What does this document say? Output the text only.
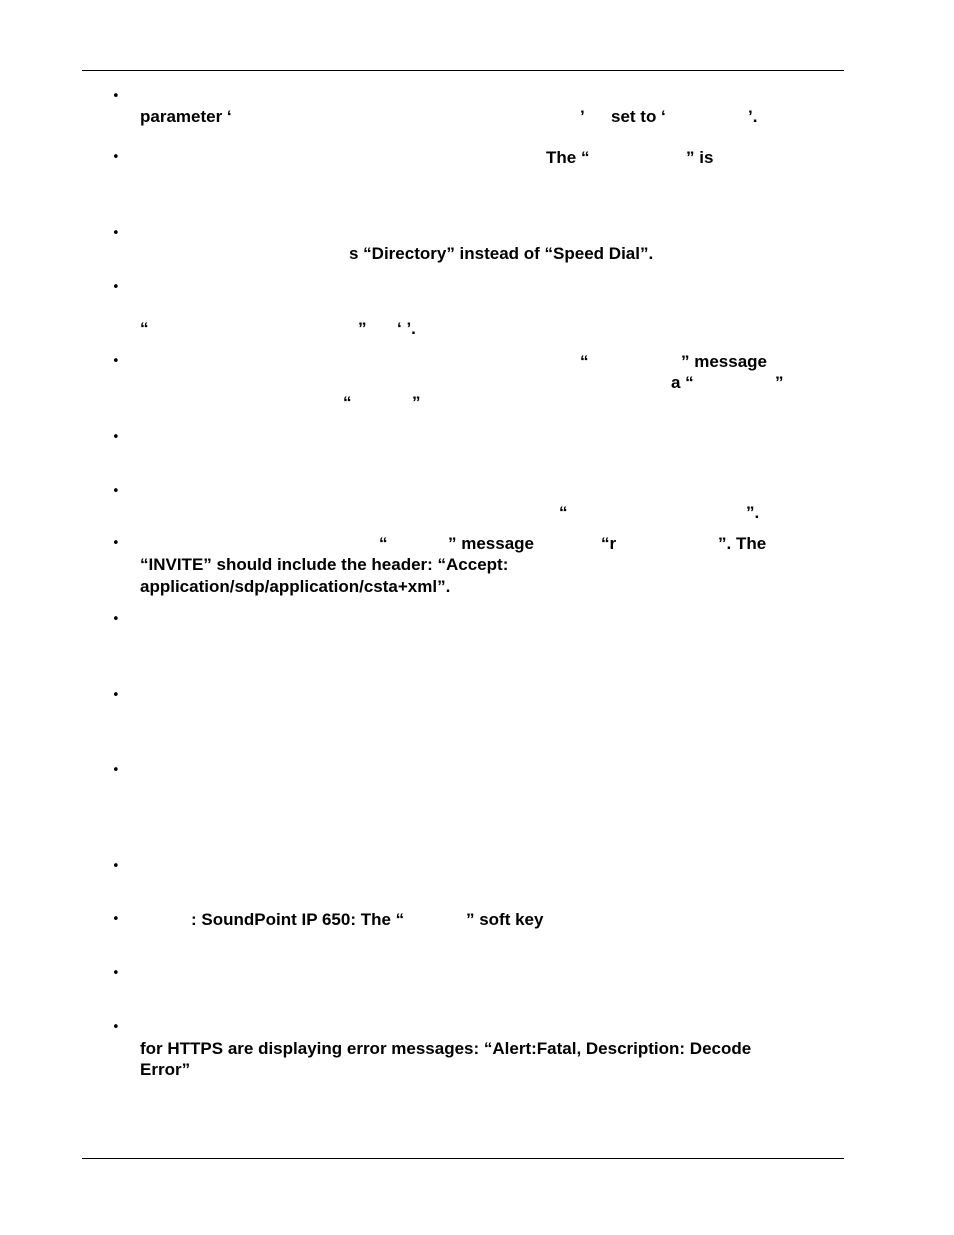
•
•
•
•
•
•
•
•
•
•
•
•
•
•
•
parameter ‘	’ set to ‘	’.
The “	” is
s “Directory” instead of “Speed Dial”.
“	” ‘ ’.
“	” message
a “	”
“	”
“	”.
“	” message	“r	”. The
“INVITE” should include the header: “Accept:
application/sdp/application/csta+xml”.
: SoundPoint IP 650: The “	” soft key
for HTTPS are displaying error messages: “Alert:Fatal, Description: Decode
Error”
